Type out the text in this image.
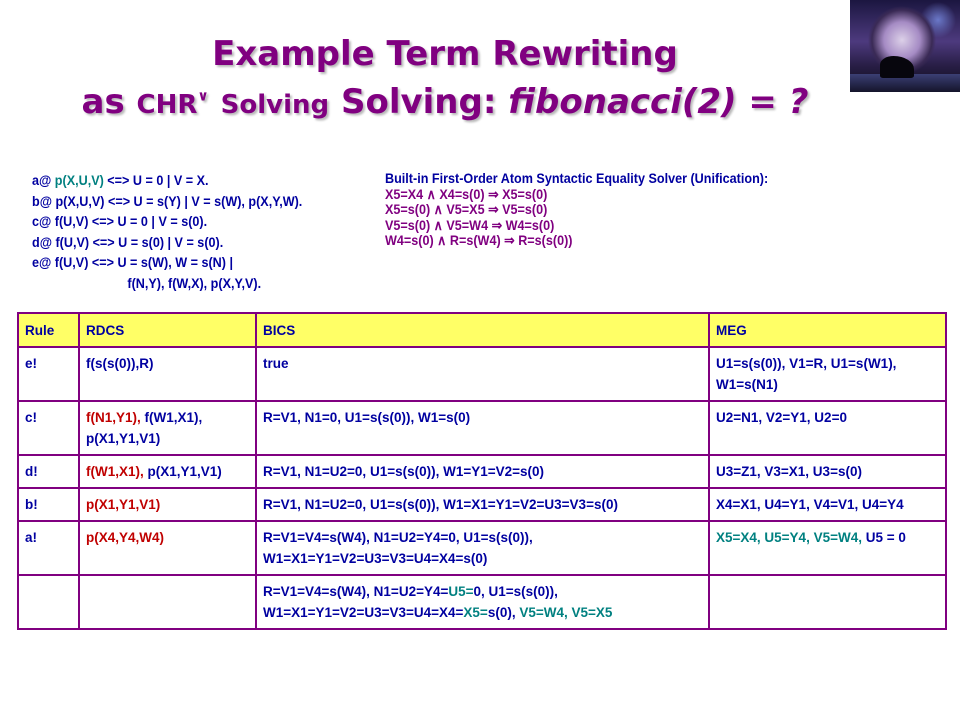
Example Term Rewriting
as CHR∨ Solving Solving: fibonacci(2) = ?
a@ p(X,U,V) <=> U = 0 | V = X.
b@ p(X,U,V) <=> U = s(Y) | V = s(W), p(X,Y,W).
c@ f(U,V) <=> U = 0 | V = s(0).
d@ f(U,V) <=> U = s(0) | V = s(0).
e@ f(U,V) <=> U = s(W), W = s(N) |
f(N,Y), f(W,X), p(X,Y,V).
Built-in First-Order Atom Syntactic Equality Solver (Unification):
X5=X4 ∧ X4=s(0) ⇒ X5=s(0)
X5=s(0) ∧ V5=X5 ⇒ V5=s(0)
V5=s(0) ∧ V5=W4 ⇒ W4=s(0)
W4=s(0) ∧ R=s(W4) ⇒ R=s(s(0))
Rule	RDCS	BICS	MEG
e!	f(s(s(0)),R)	true	U1=s(s(0)), V1=R, U1=s(W1), W1=s(N1)
c!	f(N1,Y1), f(W1,X1), p(X1,Y1,V1)	R=V1, N1=0, U1=s(s(0)), W1=s(0)	U2=N1, V2=Y1, U2=0
d!	f(W1,X1), p(X1,Y1,V1)	R=V1, N1=U2=0, U1=s(s(0)), W1=Y1=V2=s(0)	U3=Z1, V3=X1, U3=s(0)
b!	p(X1,Y1,V1)	R=V1, N1=U2=0, U1=s(s(0)), W1=X1=Y1=V2=U3=V3=s(0)	X4=X1, U4=Y1, V4=V1, U4=Y4
a!	p(X4,Y4,W4)	R=V1=V4=s(W4), N1=U2=Y4=0, U1=s(s(0)), W1=X1=Y1=V2=U3=V3=U4=X4=s(0)	X5=X4, U5=Y4, V5=W4, U5 = 0
		R=V1=V4=s(W4), N1=U2=Y4=U5=0, U1=s(s(0)), W1=X1=Y1=V2=U3=V3=U4=X4=X5=s(0), V5=W4, V5=X5	
